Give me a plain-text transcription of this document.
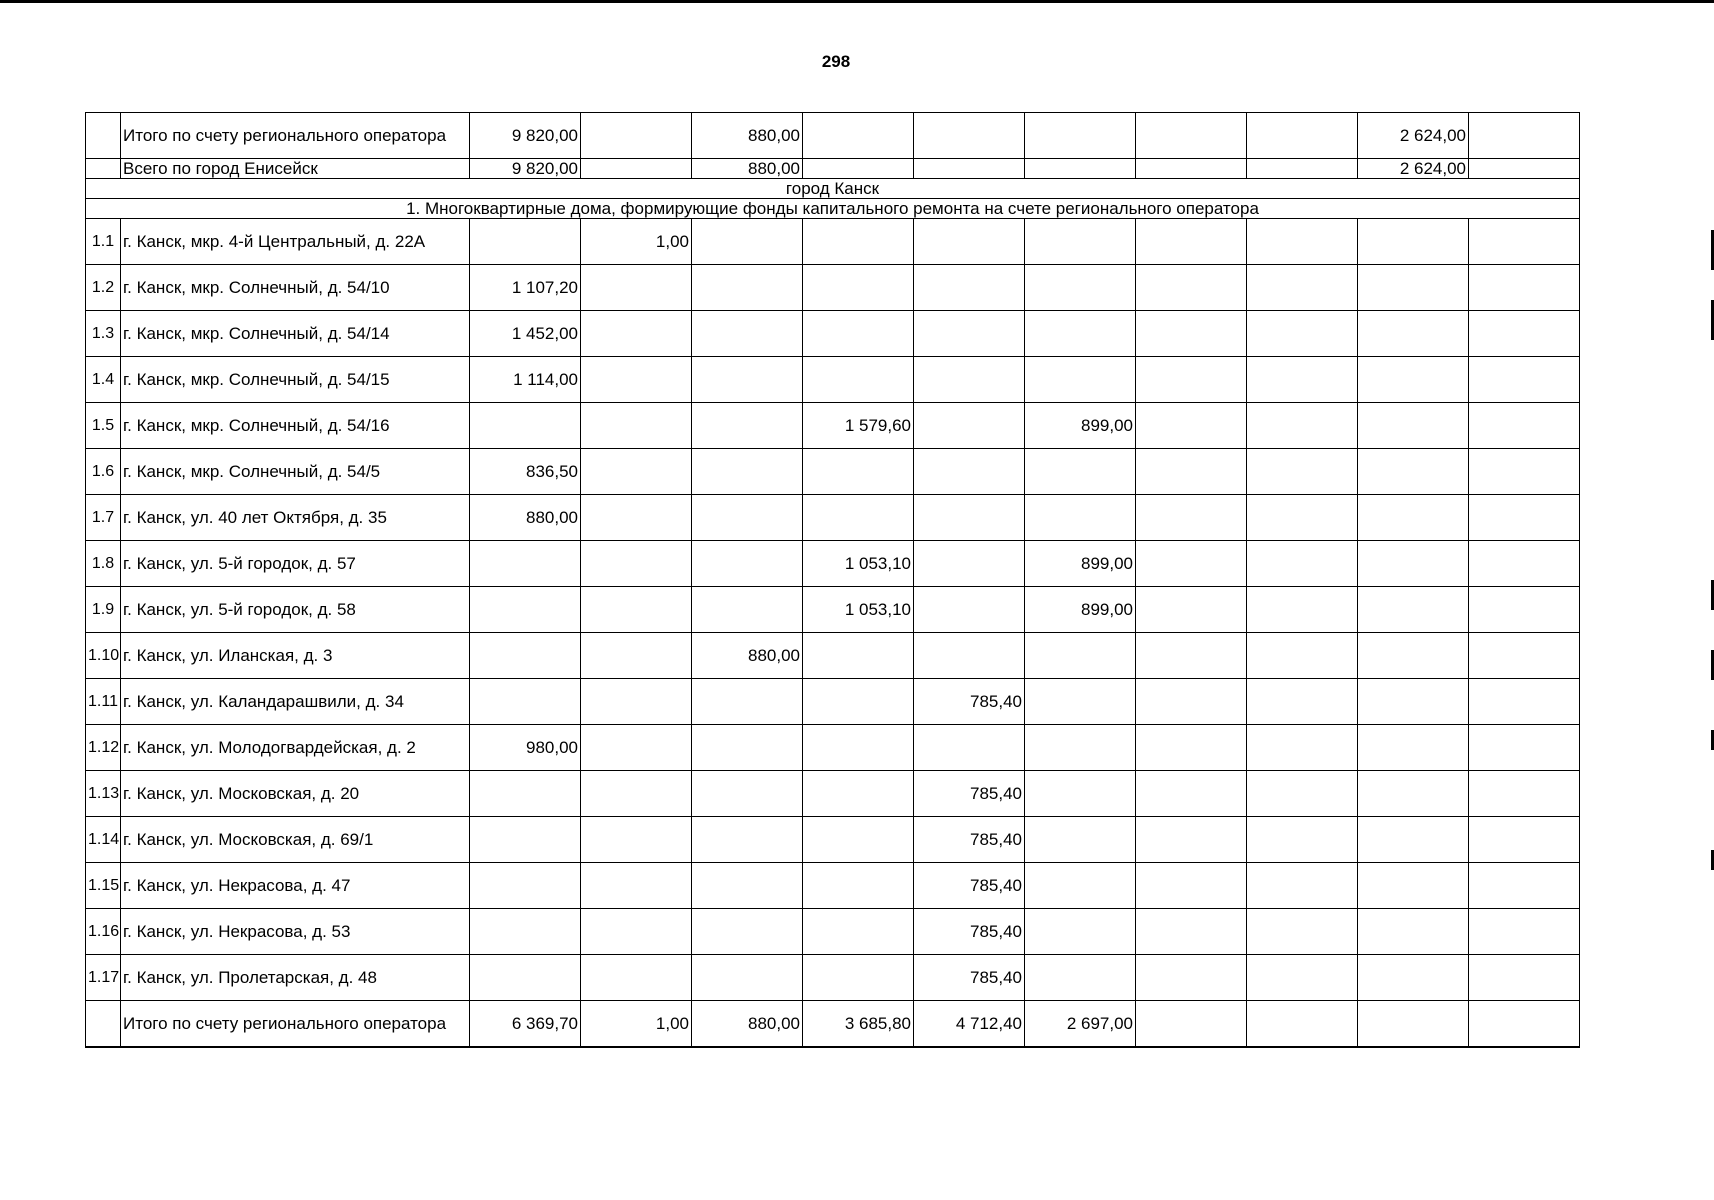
298
	Итого по счету регионального оператора	9 820,00		880,00						2 624,00	
	Всего по город Енисейск	9 820,00		880,00						2 624,00	
город Канск											
1. Многоквартирные дома, формирующие фонды капитального ремонта на счете регионального оператора											
1.1	г. Канск, мкр. 4-й Центральный, д. 22А		1,00								
1.2	г. Канск, мкр. Солнечный, д. 54/10	1 107,20									
1.3	г. Канск, мкр. Солнечный, д. 54/14	1 452,00									
1.4	г. Канск, мкр. Солнечный, д. 54/15	1 114,00									
1.5	г. Канск, мкр. Солнечный, д. 54/16				1 579,60		899,00				
1.6	г. Канск, мкр. Солнечный, д. 54/5	836,50									
1.7	г. Канск, ул. 40 лет Октября, д. 35	880,00									
1.8	г. Канск, ул. 5-й городок, д. 57				1 053,10		899,00				
1.9	г. Канск, ул. 5-й городок, д. 58				1 053,10		899,00				
1.10	г. Канск, ул. Иланская, д. 3			880,00							
1.11	г. Канск, ул. Каландарашвили, д. 34					785,40					
1.12	г. Канск, ул. Молодогвардейская, д. 2	980,00									
1.13	г. Канск, ул. Московская, д. 20					785,40					
1.14	г. Канск, ул. Московская, д. 69/1					785,40					
1.15	г. Канск, ул. Некрасова, д. 47					785,40					
1.16	г. Канск, ул. Некрасова, д. 53					785,40					
1.17	г. Канск, ул. Пролетарская, д. 48					785,40					
	Итого по счету регионального оператора	6 369,70	1,00	880,00	3 685,80	4 712,40	2 697,00				
